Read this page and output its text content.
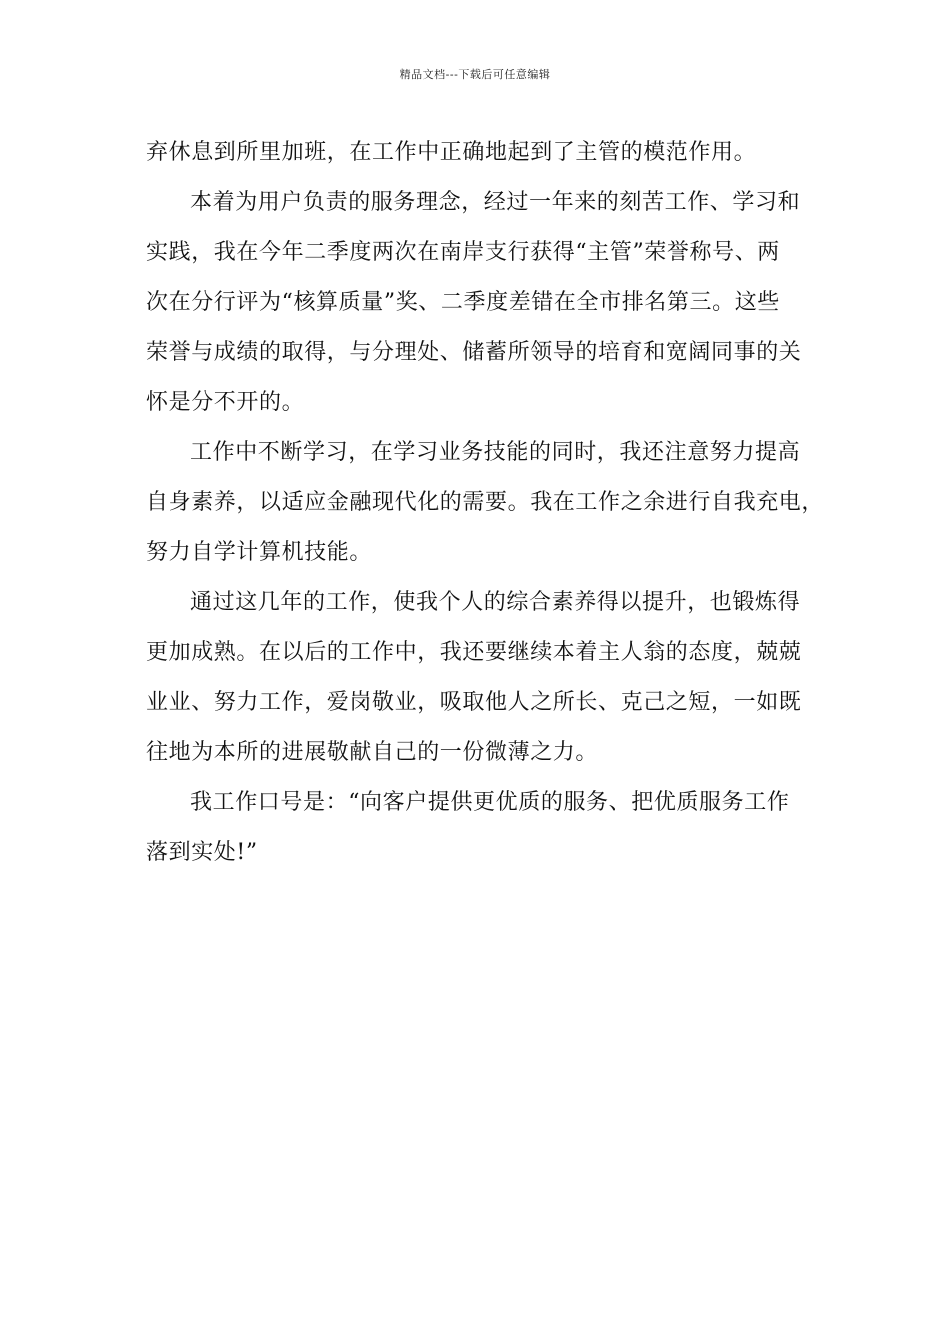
精品文档---下载后可任意编辑
弃休息到所里加班，在工作中正确地起到了主管的模范作用。
本着为用户负责的服务理念，经过一年来的刻苦工作、学习和
实践，我在今年二季度两次在南岸支行获得“主管”荣誉称号、两
次在分行评为“核算质量”奖、二季度差错在全市排名第三。这些
荣誉与成绩的取得，与分理处、储蓄所领导的培育和宽阔同事的关
怀是分不开的。
工作中不断学习，在学习业务技能的同时，我还注意努力提高
自身素养，以适应金融现代化的需要。我在工作之余进行自我充电，
努力自学计算机技能。
通过这几年的工作，使我个人的综合素养得以提升，也锻炼得
更加成熟。在以后的工作中，我还要继续本着主人翁的态度，兢兢
业业、努力工作，爱岗敬业，吸取他人之所长、克己之短，一如既
往地为本所的进展敬献自己的一份微薄之力。
我工作口号是：“向客户提供更优质的服务、把优质服务工作
落到实处!”
